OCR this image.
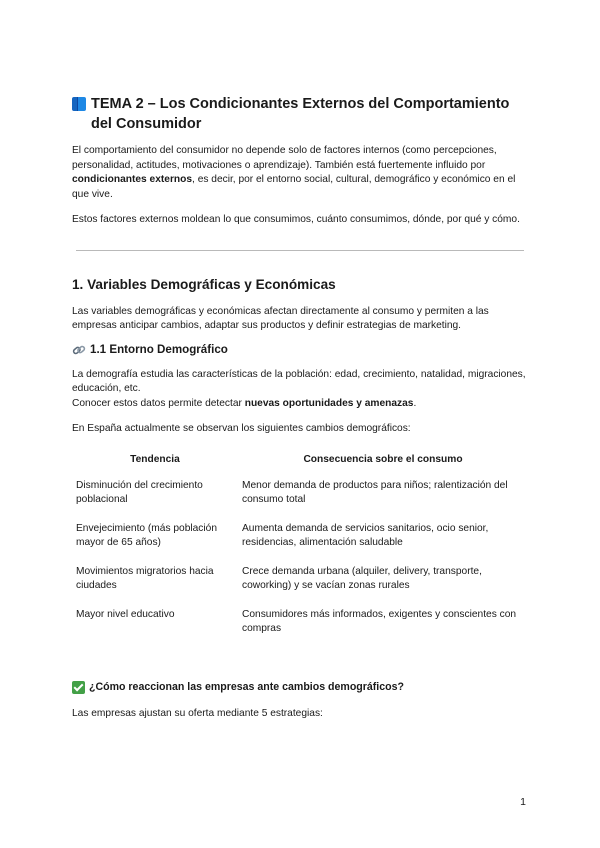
TEMA 2 – Los Condicionantes Externos del Comportamiento del Consumidor

El comportamiento del consumidor no depende solo de factores internos (como percepciones, personalidad, actitudes, motivaciones o aprendizaje). También está fuertemente influido por condicionantes externos, es decir, por el entorno social, cultural, demográfico y económico en el que vive.

Estos factores externos moldean lo que consumimos, cuánto consumimos, dónde, por qué y cómo.

1. Variables Demográficas y Económicas

Las variables demográficas y económicas afectan directamente al consumo y permiten a las empresas anticipar cambios, adaptar sus productos y definir estrategias de marketing.

1.1 Entorno Demográfico

La demografía estudia las características de la población: edad, crecimiento, natalidad, migraciones, educación, etc.
Conocer estos datos permite detectar nuevas oportunidades y amenazas.

En España actualmente se observan los siguientes cambios demográficos:

Tendencia	Consecuencia sobre el consumo
Disminución del crecimiento poblacional	Menor demanda de productos para niños; ralentización del consumo total
Envejecimiento (más población mayor de 65 años)	Aumenta demanda de servicios sanitarios, ocio senior, residencias, alimentación saludable
Movimientos migratorios hacia ciudades	Crece demanda urbana (alquiler, delivery, transporte, coworking) y se vacían zonas rurales
Mayor nivel educativo	Consumidores más informados, exigentes y conscientes con compras
¿Cómo reaccionan las empresas ante cambios demográficos?

Las empresas ajustan su oferta mediante 5 estrategias:

1
